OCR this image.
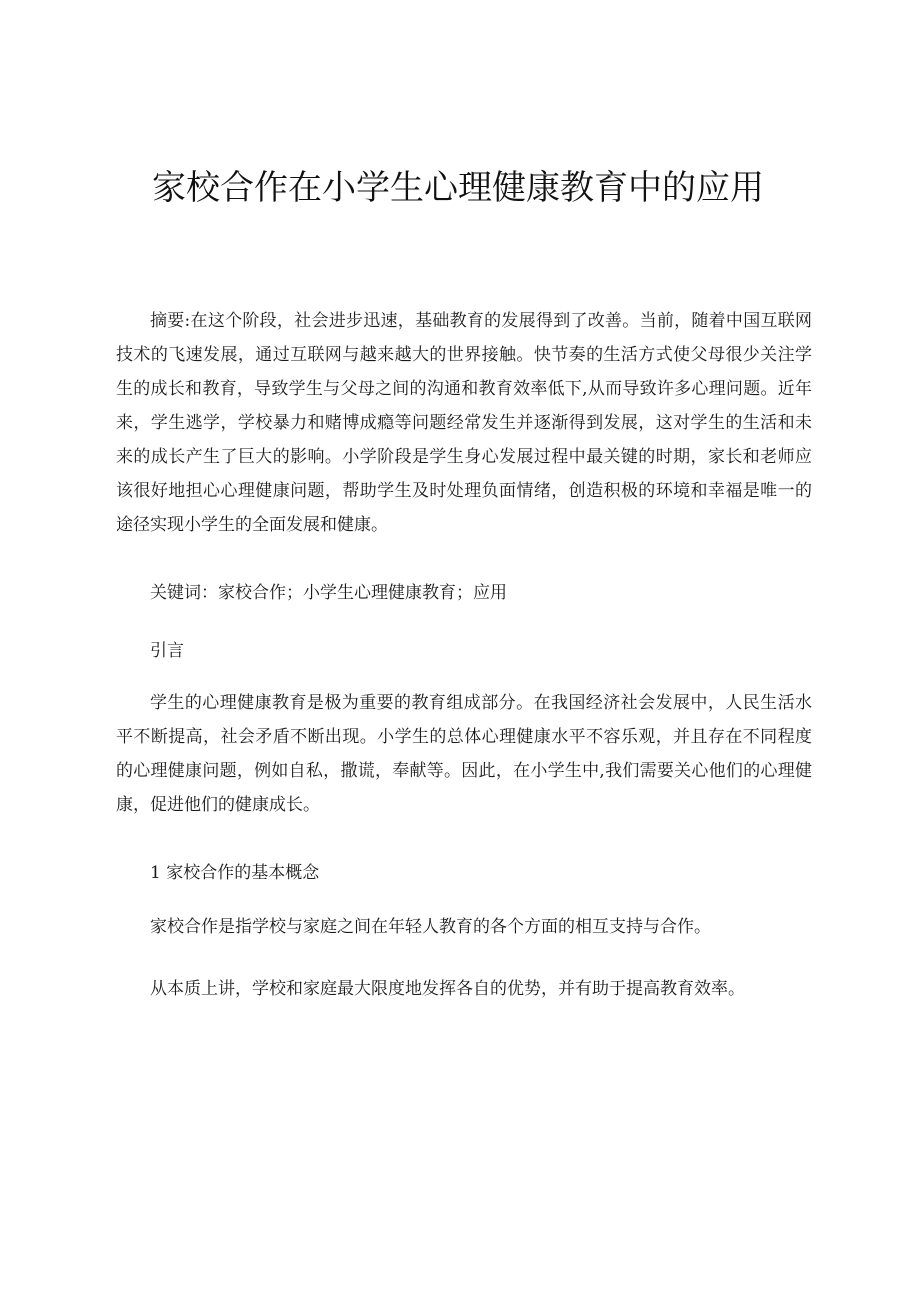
家校合作在小学生心理健康教育中的应用

摘要:在这个阶段，社会进步迅速，基础教育的发展得到了改善。当前，随着中国互联网技术的飞速发展，通过互联网与越来越大的世界接触。快节奏的生活方式使父母很少关注学生的成长和教育，导致学生与父母之间的沟通和教育效率低下,从而导致许多心理问题。近年来，学生逃学，学校暴力和赌博成瘾等问题经常发生并逐渐得到发展，这对学生的生活和未来的成长产生了巨大的影响。小学阶段是学生身心发展过程中最关键的时期，家长和老师应该很好地担心心理健康问题，帮助学生及时处理负面情绪，创造积极的环境和幸福是唯一的途径实现小学生的全面发展和健康。

关键词：家校合作；小学生心理健康教育；应用

引言

学生的心理健康教育是极为重要的教育组成部分。在我国经济社会发展中，人民生活水平不断提高，社会矛盾不断出现。小学生的总体心理健康水平不容乐观，并且存在不同程度的心理健康问题，例如自私，撒谎，奉献等。因此，在小学生中,我们需要关心他们的心理健康，促进他们的健康成长。

1 家校合作的基本概念

家校合作是指学校与家庭之间在年轻人教育的各个方面的相互支持与合作。

从本质上讲，学校和家庭最大限度地发挥各自的优势，并有助于提高教育效率。
